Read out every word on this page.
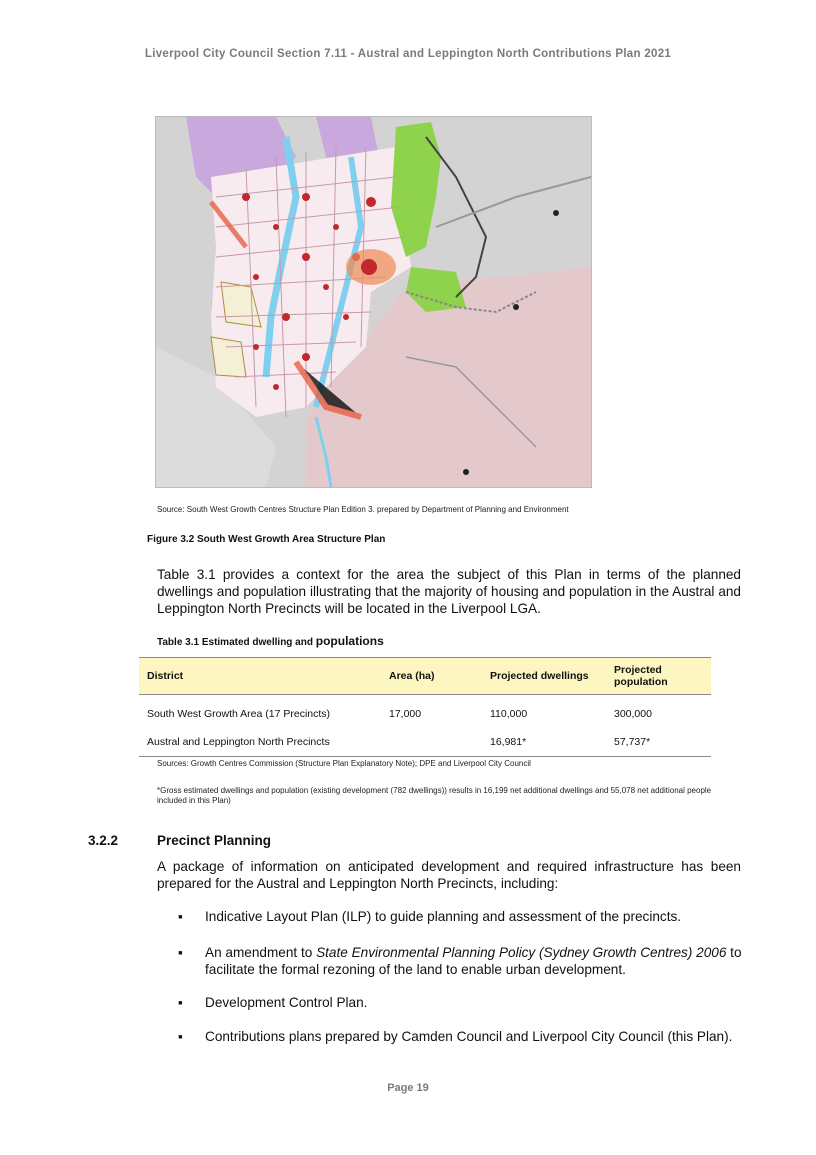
Liverpool City Council Section 7.11 - Austral and Leppington North Contributions Plan 2021
Source: South West Growth Centres Structure Plan Edition 3. prepared by Department of Planning and Environment
Figure 3.2 South West Growth Area Structure Plan
Table 3.1 provides a context for the area the subject of this Plan in terms of the planned dwellings and population illustrating that the majority of housing and population in the Austral and Leppington North Precincts will be located in the Liverpool LGA.
Table 3.1 Estimated dwelling and populations
District	Area (ha)	Projected dwellings	Projected population
South West Growth Area (17 Precincts)	17,000	110,000	300,000
Austral and Leppington North Precincts		16,981*	57,737*
Sources: Growth Centres Commission (Structure Plan Explanatory Note); DPE and Liverpool City Council
*Gross estimated dwellings and population (existing development (782 dwellings)) results in 16,199 net additional dwellings and 55,078 net additional people included in this Plan)
3.2.2	Precinct Planning
A package of information on anticipated development and required infrastructure has been prepared for the Austral and Leppington North Precincts, including:
▪ Indicative Layout Plan (ILP) to guide planning and assessment of the precincts.
▪ An amendment to State Environmental Planning Policy (Sydney Growth Centres) 2006 to facilitate the formal rezoning of the land to enable urban development.
▪ Development Control Plan.
▪ Contributions plans prepared by Camden Council and Liverpool City Council (this Plan).
Page 19
